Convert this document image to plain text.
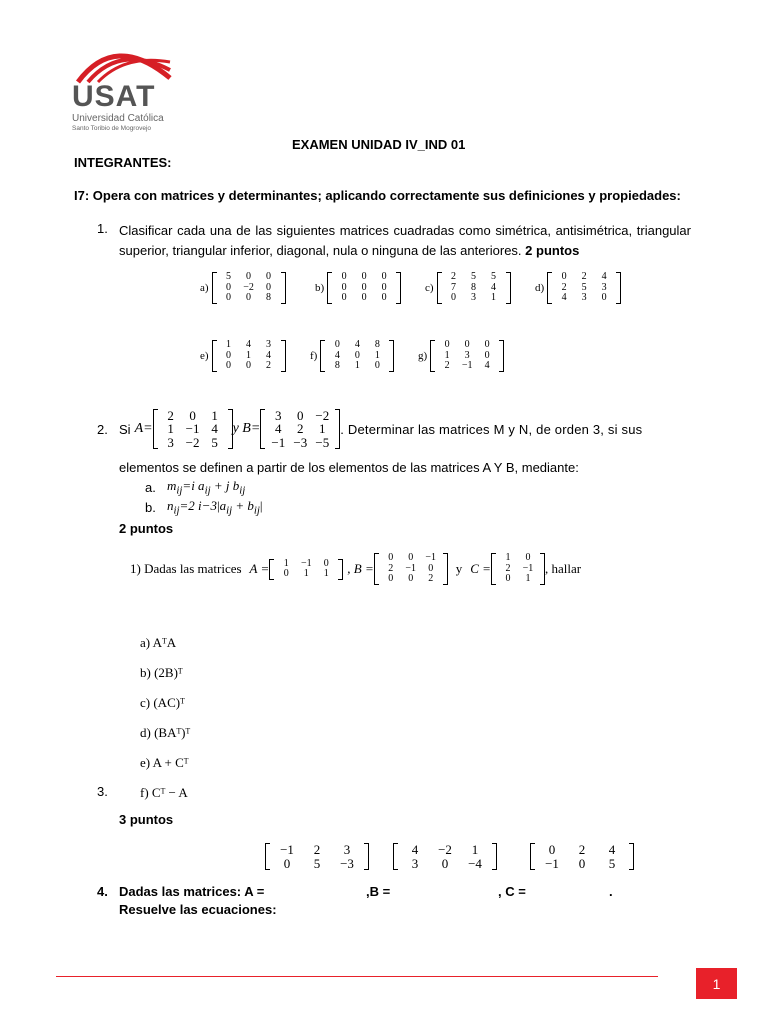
USAT
Universidad Católica
Santo Toribio de Mogrovejo
EXAMEN UNIDAD IV_IND 01
INTEGRANTES:
I7: Opera con matrices y determinantes; aplicando correctamente sus definiciones y propiedades:
1. Clasificar cada una de las siguientes matrices cuadradas como simétrica, antisimétrica, triangular superior, triangular inferior, diagonal, nula o ninguna de las anteriores. 2 puntos
a)
5	0	0
0	−2	0
0	0	8
b)
0	0	0
0	0	0
0	0	0
c)
2	5	5
7	8	4
0	3	1
d)
0	2	4
2	5	3
4	3	0
e)
1	4	3
0	1	4
0	0	2
f)
0	4	8
4	0	1
8	1	0
g)
0	0	0
1	3	0
2	−1	4
2. Si A=
2	0	1
1	−1	4
3	−2	5
y B=
3	0	−2
4	2	1
−1	−3	−5
. Determinar las matrices M y N, de orden 3, si sus
elementos se definen a partir de los elementos de las matrices A Y B, mediante:
a. $m_{ij}=i$ $a_{ij} + j$ $b_{ij}$
b. $n_{ij}=2$ $i-3|a_{ij} + b_{ij}|$
2 puntos
1) Dadas las matrices A = 1	−1	0
0	1	1 , B =
0	0	−1
2	−1	0
0	0	2
y C =
1	0
2	−1
0	1
, hallar
a) AᵀA
b) (2B)ᵀ
c) (AC)ᵀ
d) (BAᵀ)ᵀ
e) A + Cᵀ
f) Cᵀ − A
3.
3 puntos
4. Dadas las matrices: A =
−1	2	3
0	5	−3
,B =
4	−2	1
3	0	−4
, C =
0	2	4
−1	0	5
.
Resuelve las ecuaciones:
1
